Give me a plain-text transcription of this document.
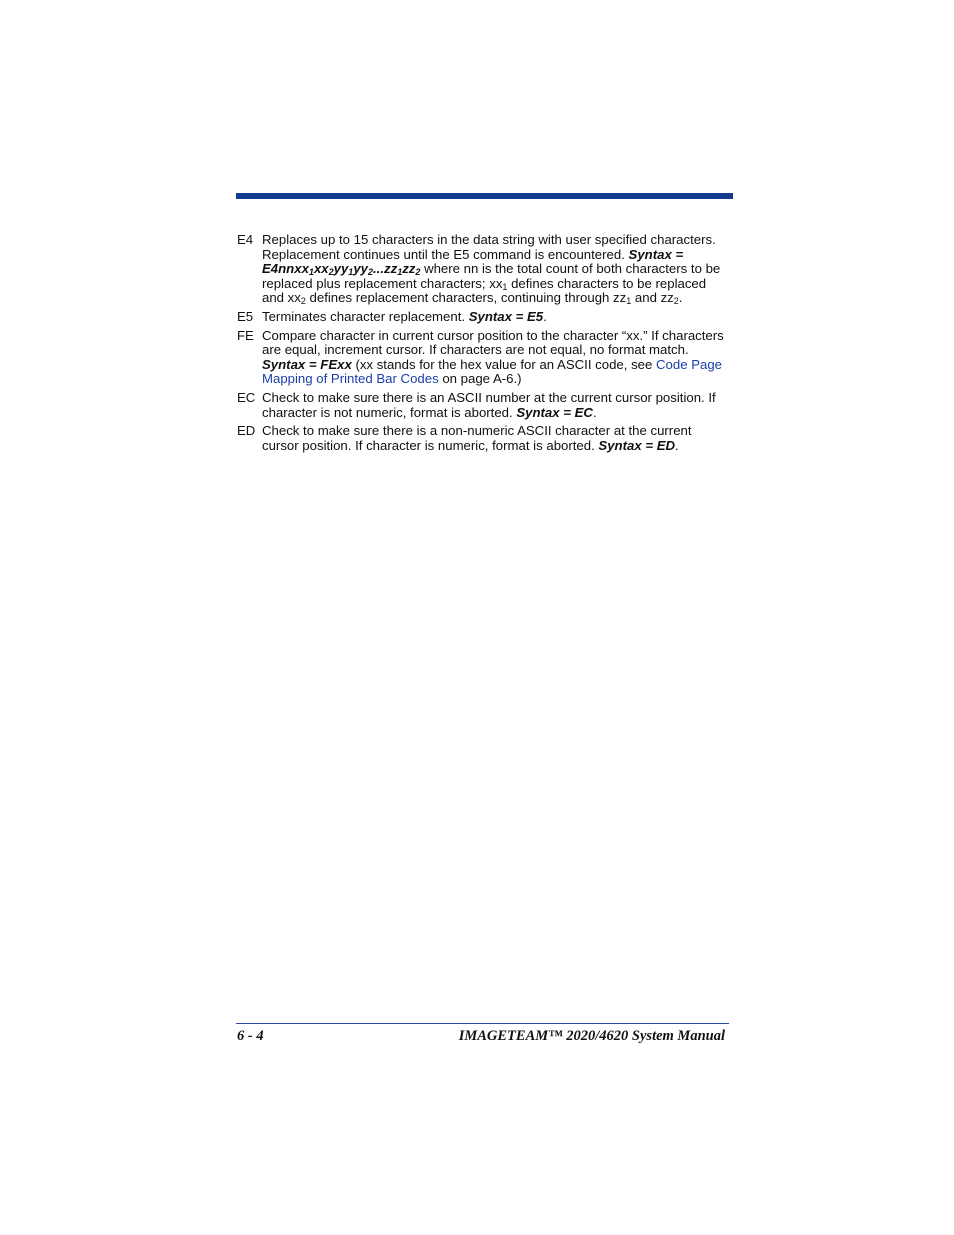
E4 Replaces up to 15 characters in the data string with user specified characters. Replacement continues until the E5 command is encountered. Syntax = $E4nnxx_1xx_2yy_1yy_2...zz_1zz_2$ where nn is the total count of both characters to be replaced plus replacement characters; $xx_1$ defines characters to be replaced and $xx_2$ defines replacement characters, continuing through $zz_1$ and $zz_2$.
E5 Terminates character replacement. Syntax = E5.
FE Compare character in current cursor position to the character “xx.” If characters are equal, increment cursor. If characters are not equal, no format match. Syntax = FExx (xx stands for the hex value for an ASCII code, see Code Page Mapping of Printed Bar Codes on page A-6.)
EC Check to make sure there is an ASCII number at the current cursor position. If character is not numeric, format is aborted. Syntax = EC.
ED Check to make sure there is a non-numeric ASCII character at the current cursor position. If character is numeric, format is aborted. Syntax = ED.
6 - 4	IMAGETEAM™ 2020/4620 System Manual
